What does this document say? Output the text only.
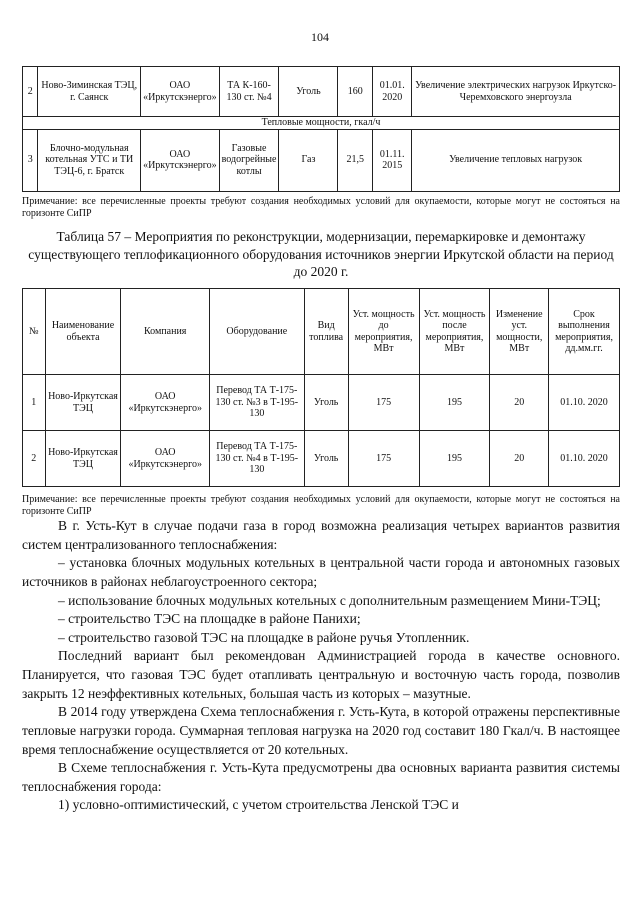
104
2	Ново-Зиминская ТЭЦ, г. Саянск	ОАО «Иркутскэнерго»	ТА К-160-130 ст. №4	Уголь	160	01.01. 2020	Увеличение электрических нагрузок Иркутско-Черемховского энергоузла
Тепловые мощности, гкал/ч							
3	Блочно-модульная котельная УТС и ТИ ТЭЦ-6, г. Братск	ОАО «Иркутскэнерго»	Газовые водогрейные котлы	Газ	21,5	01.11. 2015	Увеличение тепловых нагрузок
Примечание: все перечисленные проекты требуют создания необходимых условий для окупаемости, которые могут не состояться на горизонте СиПР
Таблица 57 – Мероприятия по реконструкции, модернизации, перемаркировке и демонтажу существующего теплофикационного оборудования источников энергии Иркутской области на период до 2020 г.
№	Наименование объекта	Компания	Оборудование	Вид топлива	Уст. мощность до мероприятия, МВт	Уст. мощность после мероприятия, МВт	Изменение уст. мощности, МВт	Срок выполнения мероприятия, дд.мм.гг.
1	Ново-Иркутская ТЭЦ	ОАО «Иркутскэнерго»	Перевод ТА Т-175-130 ст. №3 в Т-195-130	Уголь	175	195	20	01.10. 2020
2	Ново-Иркутская ТЭЦ	ОАО «Иркутскэнерго»	Перевод ТА Т-175-130 ст. №4 в Т-195-130	Уголь	175	195	20	01.10. 2020
Примечание: все перечисленные проекты требуют создания необходимых условий для окупаемости, которые могут не состояться на горизонте СиПР

В г. Усть-Кут в случае подачи газа в город возможна реализация четырех вариантов развития систем централизованного теплоснабжения:

– установка блочных модульных котельных в центральной части города и автономных газовых источников в районах неблагоустроенного сектора;

– использование блочных модульных котельных с дополнительным размещением Мини-ТЭЦ;

– строительство ТЭС на площадке в районе Панихи;

– строительство газовой ТЭС на площадке в районе ручья Утопленник.

Последний вариант был рекомендован Администрацией города в качестве основного. Планируется, что газовая ТЭС будет отапливать центральную и восточную часть города, позволив закрыть 12 неэффективных котельных, большая часть из которых – мазутные.

В 2014 году утверждена Схема теплоснабжения г. Усть-Кута, в которой отражены перспективные тепловые нагрузки города. Суммарная тепловая нагрузка на 2020 год составит 180 Гкал/ч. В настоящее время теплоснабжение осуществляется от 20 котельных.

В Схеме теплоснабжения г. Усть-Кута предусмотрены два основных варианта развития системы теплоснабжения города:

1) условно-оптимистический, с учетом строительства Ленской ТЭС и
